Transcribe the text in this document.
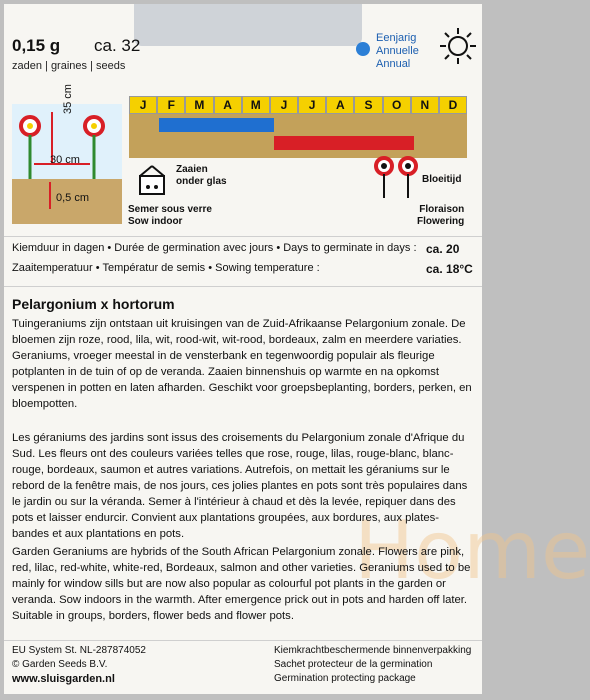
0,15 g ca. 32
zaden | graines | seeds
Eenjarig
Annuelle
Annual
35 cm
30 cm
0,5 cm
J	F	M	A	M	J	J	A	S	O	N	D
Zaaien
onder glas
Semer sous verre
Sow indoor
Bloeitijd
Floraison
Flowering
Kiemduur in dagen • Durée de germination avec jours • Days to germinate in days : ca. 20
Zaaitemperatuur • Températur de semis • Sowing temperature :	ca. 18°C
Home
Pelargonium x hortorum

Tuingeraniums zijn ontstaan uit kruisingen van de Zuid-Afrikaanse Pelargonium zonale. De bloemen zijn roze, rood, lila, wit, rood-wit, wit-rood, bordeaux, zalm en meerdere variaties. Geraniums, vroeger meestal in de vensterbank en tegenwoordig populair als fleurige potplanten in de tuin of op de veranda. Zaaien binnenshuis op warmte en na opkomst verspenen in potten en laten afharden. Geschikt voor groepsbeplanting, borders, perken, en bloempotten.

Les géraniums des jardins sont issus des croisements du Pelargonium zonale d'Afrique du Sud. Les fleurs ont des couleurs variées telles que rose, rouge, lilas, rouge-blanc, blanc-rouge, bordeaux, saumon et autres variations. Autrefois, on mettait les géraniums sur le rebord de la fenêtre mais, de nos jours, ces jolies plantes en pots sont très populaires dans le jardin ou sur la véranda. Semer à l'intérieur à chaud et dès la levée, repiquer dans des pots et laisser endurcir. Convient aux plantations groupées, aux bordures, aux plates-bandes et aux plantations en pots.

Garden Geraniums are hybrids of the South African Pelargonium zonale. Flowers are pink, red, lilac, red-white, white-red, Bordeaux, salmon and other varieties. Geraniums used to be mainly for window sills but are now also popular as colourful pot plants in the garden or veranda. Sow indoors in the warmth. After emergence prick out in pots and harden off later. Suitable in groups, borders, flower beds and flower pots.

EU System St. NL-287874052
© Garden Seeds B.V.
www.sluisgarden.nl
Kiemkrachtbeschermende binnenverpakking
Sachet protecteur de la germination
Germination protecting package
